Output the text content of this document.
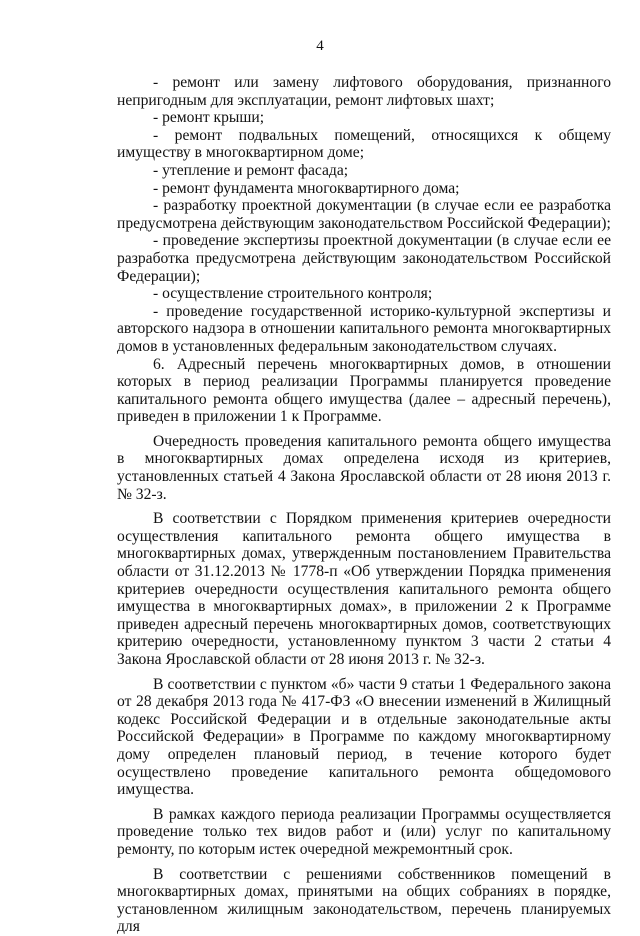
4

- ремонт или замену лифтового оборудования, признанного непригодным для эксплуатации, ремонт лифтовых шахт;

- ремонт крыши;

- ремонт подвальных помещений, относящихся к общему имуществу в многоквартирном доме;

- утепление и ремонт фасада;

- ремонт фундамента многоквартирного дома;

- разработку проектной документации (в случае если ее разработка предусмотрена действующим законодательством Российской Федерации);

- проведение экспертизы проектной документации (в случае если ее разработка предусмотрена действующим законодательством Российской Федерации);

- осуществление строительного контроля;

- проведение государственной историко-культурной экспертизы и авторского надзора в отношении капитального ремонта многоквартирных домов в установленных федеральным законодательством случаях.

6. Адресный перечень многоквартирных домов, в отношении которых в период реализации Программы планируется проведение капитального ремонта общего имущества (далее – адресный перечень), приведен в приложении 1 к Программе.

Очередность проведения капитального ремонта общего имущества в многоквартирных домах определена исходя из критериев, установленных статьей 4 Закона Ярославской области от 28 июня 2013 г. № 32-з.

В соответствии с Порядком применения критериев очередности осуществления капитального ремонта общего имущества в многоквартирных домах, утвержденным постановлением Правительства области от 31.12.2013 № 1778-п «Об утверждении Порядка применения критериев очередности осуществления капитального ремонта общего имущества в многоквартирных домах», в приложении 2 к Программе приведен адресный перечень многоквартирных домов, соответствующих критерию очередности, установленному пунктом 3 части 2 статьи 4 Закона Ярославской области от 28 июня 2013 г. № 32-з.

В соответствии с пунктом «б» части 9 статьи 1 Федерального закона от 28 декабря 2013 года № 417-ФЗ «О внесении изменений в Жилищный кодекс Российской Федерации и в отдельные законодательные акты Российской Федерации» в Программе по каждому многоквартирному дому определен плановый период, в течение которого будет осуществлено проведение капитального ремонта общедомового имущества.

В рамках каждого периода реализации Программы осуществляется проведение только тех видов работ и (или) услуг по капитальному ремонту, по которым истек очередной межремонтный срок.

В соответствии с решениями собственников помещений в многоквартирных домах, принятыми на общих собраниях в порядке, установленном жилищным законодательством, перечень планируемых для
